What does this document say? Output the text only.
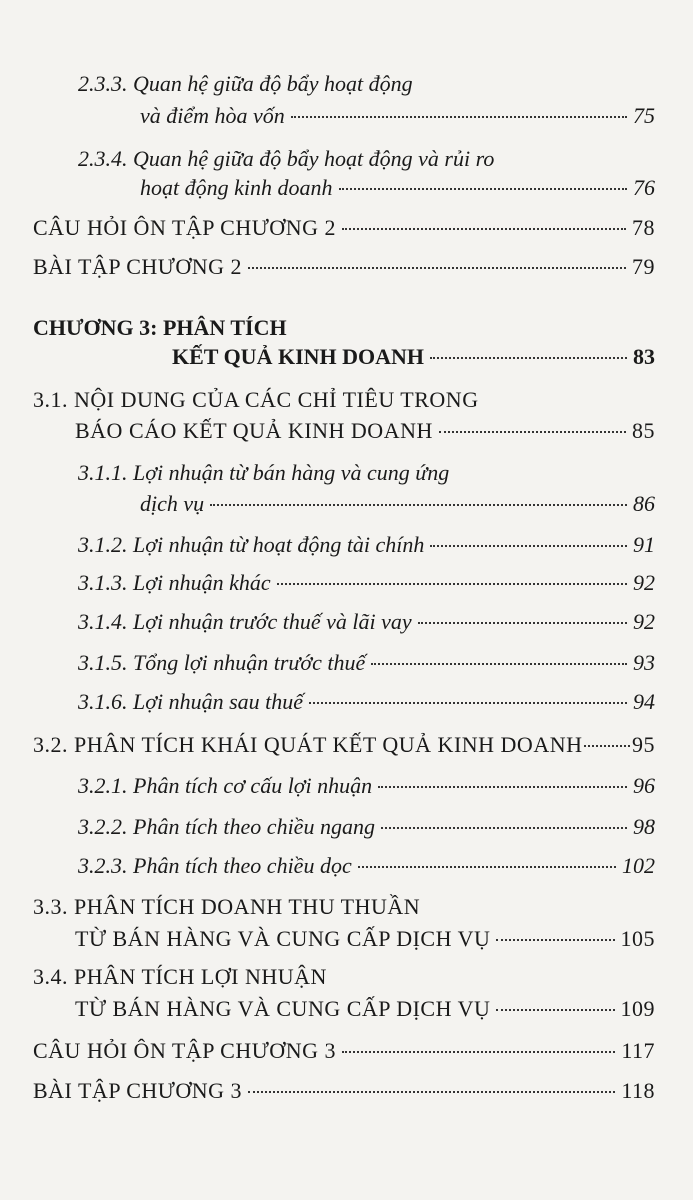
2.3.3. Quan hệ giữa độ bẩy hoạt động
và điểm hòa vốn	75
2.3.4. Quan hệ giữa độ bẩy hoạt động và rủi ro
hoạt động kinh doanh	76
CÂU HỎI ÔN TẬP CHƯƠNG 2	78
BÀI TẬP CHƯƠNG 2	79
CHƯƠNG 3: PHÂN TÍCH
KẾT QUẢ KINH DOANH	83
3.1. NỘI DUNG CỦA CÁC CHỈ TIÊU TRONG
BÁO CÁO KẾT QUẢ KINH DOANH	85
3.1.1. Lợi nhuận từ bán hàng và cung ứng
dịch vụ	86
3.1.2. Lợi nhuận từ hoạt động tài chính	91
3.1.3. Lợi nhuận khác	92
3.1.4. Lợi nhuận trước thuế và lãi vay	92
3.1.5. Tổng lợi nhuận trước thuế	93
3.1.6. Lợi nhuận sau thuế	94
3.2. PHÂN TÍCH KHÁI QUÁT KẾT QUẢ KINH DOANH 95
3.2.1. Phân tích cơ cấu lợi nhuận	96
3.2.2. Phân tích theo chiều ngang	98
3.2.3. Phân tích theo chiều dọc	102
3.3. PHÂN TÍCH DOANH THU THUẦN
TỪ BÁN HÀNG VÀ CUNG CẤP DỊCH VỤ	105
3.4. PHÂN TÍCH LỢI NHUẬN
TỪ BÁN HÀNG VÀ CUNG CẤP DỊCH VỤ	109
CÂU HỎI ÔN TẬP CHƯƠNG 3	117
BÀI TẬP CHƯƠNG 3	118
